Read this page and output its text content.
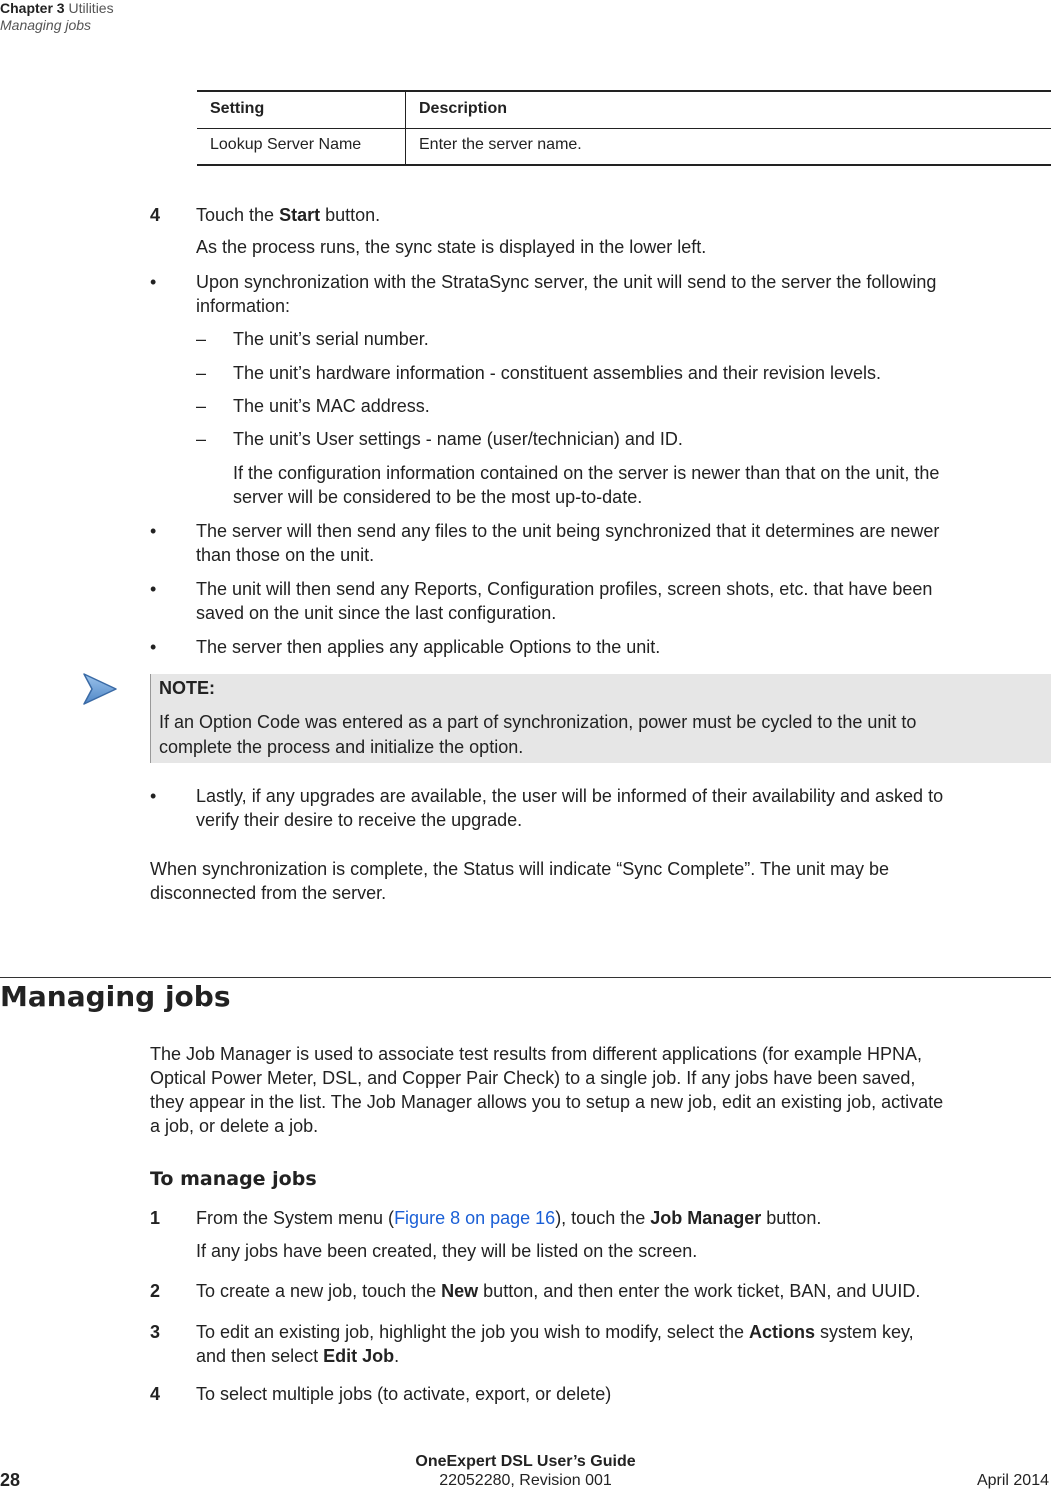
Chapter 3 Utilities
Managing jobs
Setting	Description
Lookup Server Name	Enter the server name.
4 Touch the Start button.
As the process runs, the sync state is displayed in the lower left.
• Upon synchronization with the StrataSync server, the unit will send to the server the following
information:
– The unit’s serial number.
– The unit’s hardware information - constituent assemblies and their revision levels.
– The unit’s MAC address.
– The unit’s User settings - name (user/technician) and ID.
If the configuration information contained on the server is newer than that on the unit, the
server will be considered to be the most up-to-date.
• The server will then send any files to the unit being synchronized that it determines are newer
than those on the unit.
• The unit will then send any Reports, Configuration profiles, screen shots, etc. that have been
saved on the unit since the last configuration.
• The server then applies any applicable Options to the unit.
NOTE:
If an Option Code was entered as a part of synchronization, power must be cycled to the unit to
complete the process and initialize the option.
• Lastly, if any upgrades are available, the user will be informed of their availability and asked to
verify their desire to receive the upgrade.
When synchronization is complete, the Status will indicate “Sync Complete”. The unit may be
disconnected from the server.
Managing jobs
The Job Manager is used to associate test results from different applications (for example HPNA,
Optical Power Meter, DSL, and Copper Pair Check) to a single job. If any jobs have been saved,
they appear in the list. The Job Manager allows you to setup a new job, edit an existing job, activate
a job, or delete a job.
To manage jobs
1 From the System menu (Figure 8 on page 16), touch the Job Manager button.
If any jobs have been created, they will be listed on the screen.
2 To create a new job, touch the New button, and then enter the work ticket, BAN, and UUID.
3 To edit an existing job, highlight the job you wish to modify, select the Actions system key,
and then select Edit Job.
4 To select multiple jobs (to activate, export, or delete)
OneExpert DSL User’s Guide
28	22052280, Revision 001	April 2014
